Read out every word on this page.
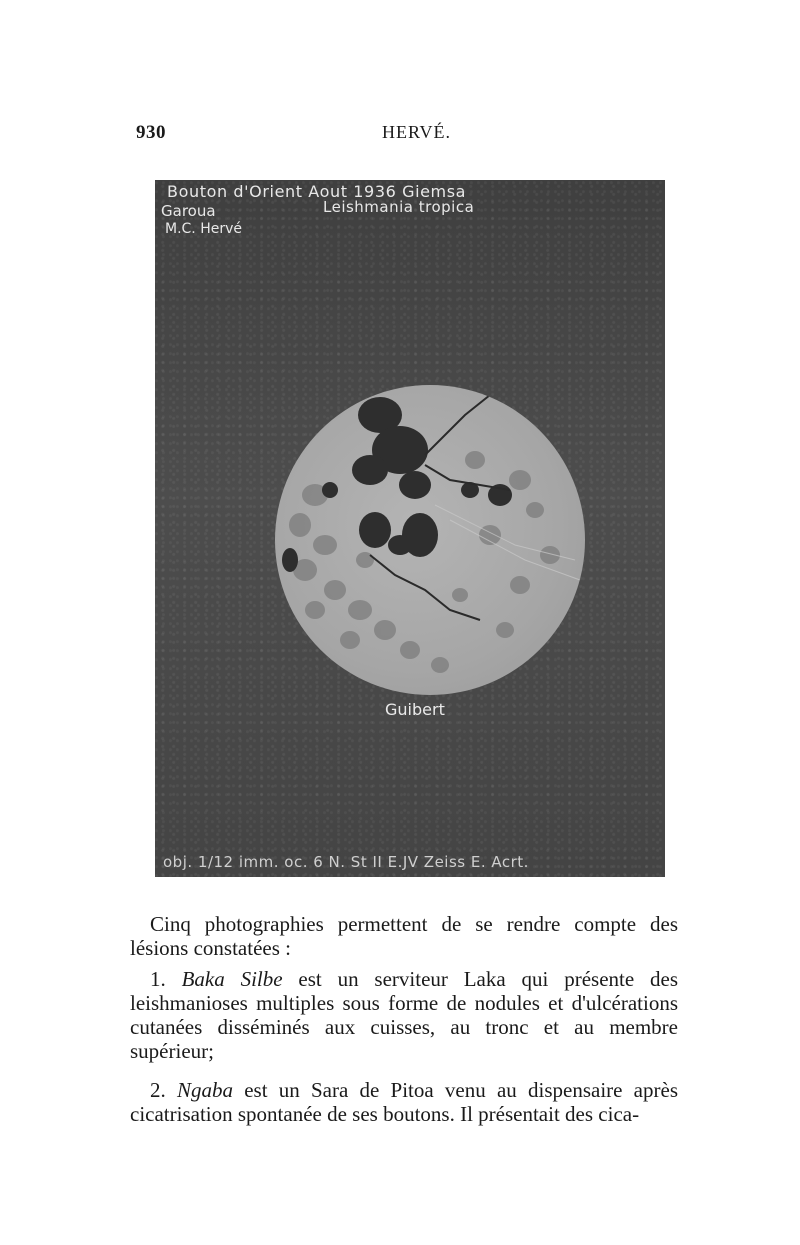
930	HERVÉ.
Bouton d'Orient Aout 1936 Giemsa
Garoua
M.C. Hervé
Leishmania tropica
Guibert
obj. 1/12 imm. oc. 6 N. St II E.JV Zeiss E. Acrt.

Cinq photographies permettent de se rendre compte des lésions constatées :

1. Baka Silbe est un serviteur Laka qui présente des leishmanioses multiples sous forme de nodules et d'ulcérations cutanées disséminés aux cuisses, au tronc et au membre supérieur;

2. Ngaba est un Sara de Pitoa venu au dispensaire après cicatrisation spontanée de ses boutons. Il présentait des cica-
